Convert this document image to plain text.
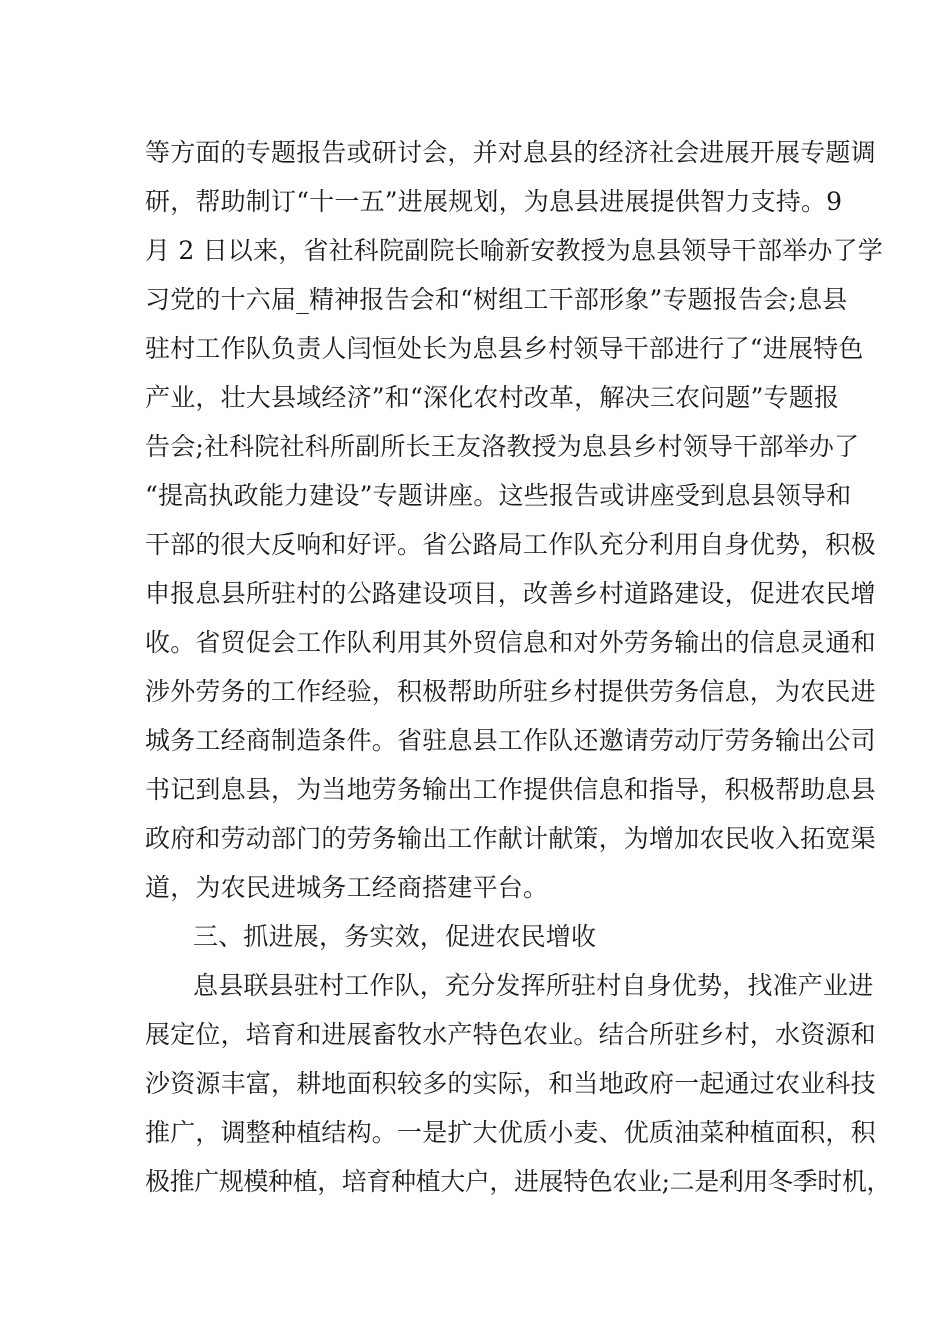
等方面的专题报告或研讨会，并对息县的经济社会进展开展专题调
研，帮助制订“十一五”进展规划，为息县进展提供智力支持。9
月 2 日以来，省社科院副院长喻新安教授为息县领导干部举办了学
习党的十六届_精神报告会和“树组工干部形象”专题报告会;息县
驻村工作队负责人闫恒处长为息县乡村领导干部进行了“进展特色
产业，壮大县域经济”和“深化农村改革，解决三农问题”专题报
告会;社科院社科所副所长王友洛教授为息县乡村领导干部举办了
“提高执政能力建设”专题讲座。这些报告或讲座受到息县领导和
干部的很大反响和好评。省公路局工作队充分利用自身优势，积极
申报息县所驻村的公路建设项目，改善乡村道路建设，促进农民增
收。省贸促会工作队利用其外贸信息和对外劳务输出的信息灵通和
涉外劳务的工作经验，积极帮助所驻乡村提供劳务信息，为农民进
城务工经商制造条件。省驻息县工作队还邀请劳动厅劳务输出公司
书记到息县，为当地劳务输出工作提供信息和指导，积极帮助息县
政府和劳动部门的劳务输出工作献计献策，为增加农民收入拓宽渠
道，为农民进城务工经商搭建平台。
三、抓进展，务实效，促进农民增收
息县联县驻村工作队，充分发挥所驻村自身优势，找准产业进
展定位，培育和进展畜牧水产特色农业。结合所驻乡村，水资源和
沙资源丰富，耕地面积较多的实际，和当地政府一起通过农业科技
推广，调整种植结构。一是扩大优质小麦、优质油菜种植面积，积
极推广规模种植，培育种植大户，进展特色农业;二是利用冬季时机，
